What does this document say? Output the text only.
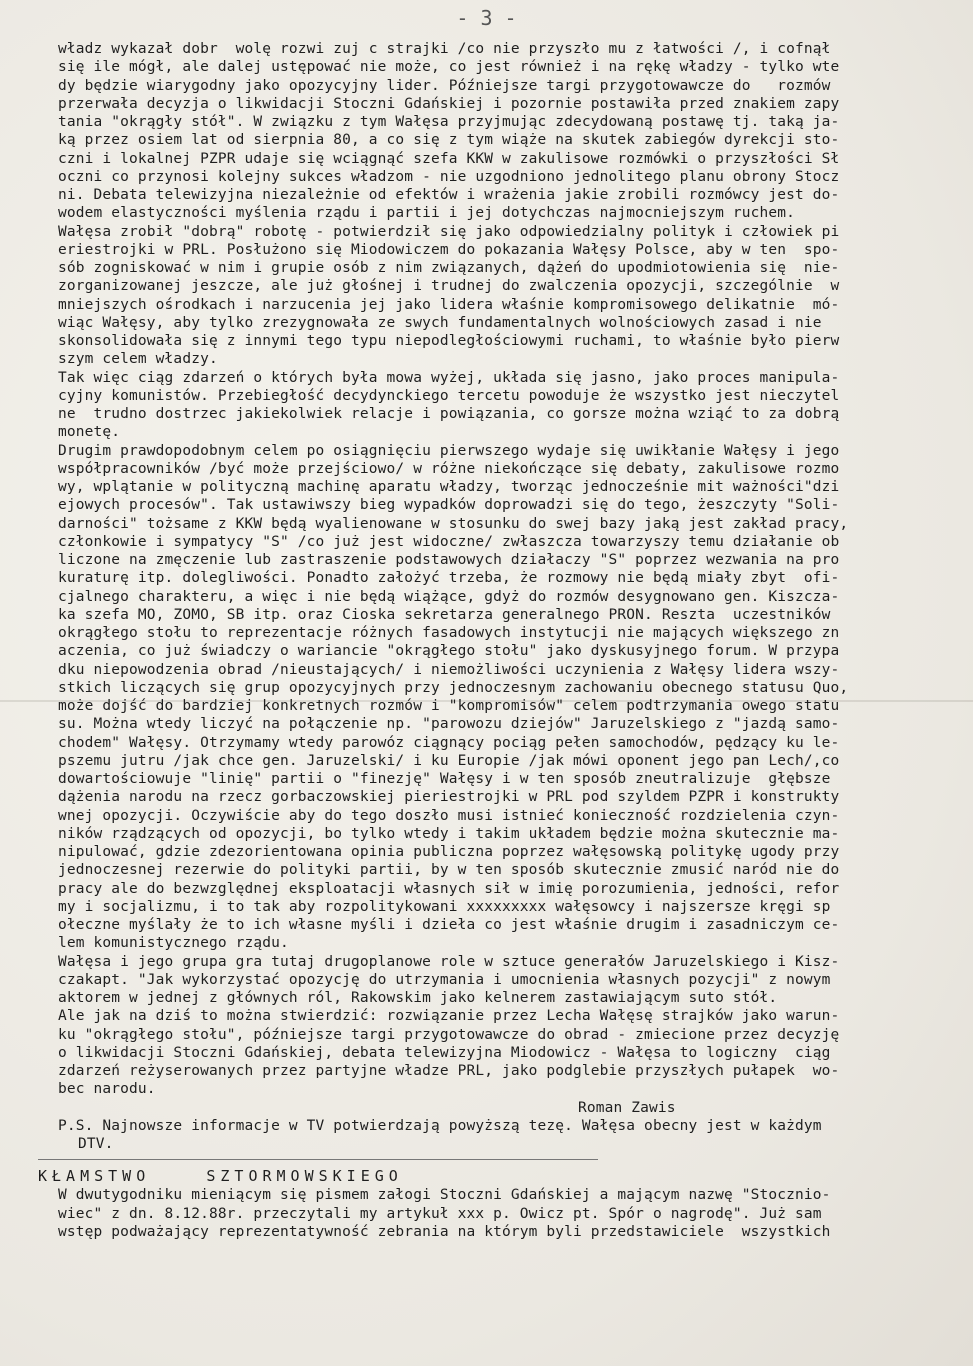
- 3 -
władz wykazał dobr  wolę rozwi zuj c strajki /co nie przyszło mu z łatwości /, i cofnął
się ile mógł, ale dalej ustępować nie może, co jest również i na rękę władzy - tylko wte
dy będzie wiarygodny jako opozycyjny lider. Późniejsze targi przygotowawcze do   rozmów
przerwała decyzja o likwidacji Stoczni Gdańskiej i pozornie postawiła przed znakiem zapy
tania "okrągły stół". W związku z tym Wałęsa przyjmując zdecydowaną postawę tj. taką ja-
ką przez osiem lat od sierpnia 80, a co się z tym wiąże na skutek zabiegów dyrekcji sto-
czni i lokalnej PZPR udaje się wciągnąć szefa KKW w zakulisowe rozmówki o przyszłości Sł
oczni co przynosi kolejny sukces władzom - nie uzgodniono jednolitego planu obrony Stocz
ni. Debata telewizyjna niezależnie od efektów i wrażenia jakie zrobili rozmówcy jest do-
wodem elastyczności myślenia rządu i partii i jej dotychczas najmocniejszym ruchem.
Wałęsa zrobił "dobrą" robotę - potwierdził się jako odpowiedzialny polityk i człowiek pi
eriestrojki w PRL. Posłużono się Miodowiczem do pokazania Wałęsy Polsce, aby w ten  spo-
sób zogniskować w nim i grupie osób z nim związanych, dążeń do upodmiotowienia się  nie-
zorganizowanej jeszcze, ale już głośnej i trudnej do zwalczenia opozycji, szczególnie  w
mniejszych ośrodkach i narzucenia jej jako lidera właśnie kompromisowego delikatnie  mó-
wiąc Wałęsy, aby tylko zrezygnowała ze swych fundamentalnych wolnościowych zasad i nie
skonsolidowała się z innymi tego typu niepodległościowymi ruchami, to właśnie było pierw
szym celem władzy.
Tak więc ciąg zdarzeń o których była mowa wyżej, układa się jasno, jako proces manipula-
cyjny komunistów. Przebiegłość decydynckiego tercetu powoduje że wszystko jest nieczytel
ne  trudno dostrzec jakiekolwiek relacje i powiązania, co gorsze można wziąć to za dobrą
monetę.
Drugim prawdopodobnym celem po osiągnięciu pierwszego wydaje się uwikłanie Wałęsy i jego
współpracowników /być może przejściowo/ w różne niekończące się debaty, zakulisowe rozmo
wy, wplątanie w polityczną machinę aparatu władzy, tworząc jednocześnie mit ważności"dzi
ejowych procesów". Tak ustawiwszy bieg wypadków doprowadzi się do tego, żeszczyty "Soli-
darności" tożsame z KKW będą wyalienowane w stosunku do swej bazy jaką jest zakład pracy,
członkowie i sympatycy "S" /co już jest widoczne/ zwłaszcza towarzyszy temu działanie ob
liczone na zmęczenie lub zastraszenie podstawowych działaczy "S" poprzez wezwania na pro
kuraturę itp. dolegliwości. Ponadto założyć trzeba, że rozmowy nie będą miały zbyt  ofi-
cjalnego charakteru, a więc i nie będą wiążące, gdyż do rozmów desygnowano gen. Kiszcza-
ka szefa MO, ZOMO, SB itp. oraz Cioska sekretarza generalnego PRON. Reszta  uczestników
okrągłego stołu to reprezentacje różnych fasadowych instytucji nie mających większego zn
aczenia, co już świadczy o wariancie "okrągłego stołu" jako dyskusyjnego forum. W przypa
dku niepowodzenia obrad /nieustających/ i niemożliwości uczynienia z Wałęsy lidera wszy-
stkich liczących się grup opozycyjnych przy jednoczesnym zachowaniu obecnego statusu Quo,
może dojść do bardziej konkretnych rozmów i "kompromisów" celem podtrzymania owego statu
su. Można wtedy liczyć na połączenie np. "parowozu dziejów" Jaruzelskiego z "jazdą samo-
chodem" Wałęsy. Otrzymamy wtedy parowóz ciągnący pociąg pełen samochodów, pędzący ku le-
pszemu jutru /jak chce gen. Jaruzelski/ i ku Europie /jak mówi oponent jego pan Lech/,co
dowartościowuje "linię" partii o "finezję" Wałęsy i w ten sposób zneutralizuje  głębsze
dążenia narodu na rzecz gorbaczowskiej pieriestrojki w PRL pod szyldem PZPR i konstrukty
wnej opozycji. Oczywiście aby do tego doszło musi istnieć konieczność rozdzielenia czyn-
ników rządzących od opozycji, bo tylko wtedy i takim układem będzie można skutecznie ma-
nipulować, gdzie zdezorientowana opinia publiczna poprzez wałęsowską politykę ugody przy
jednoczesnej rezerwie do polityki partii, by w ten sposób skutecznie zmusić naród nie do
pracy ale do bezwzględnej eksploatacji własnych sił w imię porozumienia, jedności, refor
my i socjalizmu, i to tak aby rozpolitykowani xxxxxxxxx wałęsowcy i najszersze kręgi sp
ołeczne myślały że to ich własne myśli i dzieła co jest właśnie drugim i zasadniczym ce-
lem komunistycznego rządu.
Wałęsa i jego grupa gra tutaj drugoplanowe role w sztuce generałów Jaruzelskiego i Kisz-
czakapt. "Jak wykorzystać opozycję do utrzymania i umocnienia własnych pozycji" z nowym
aktorem w jednej z głównych ról, Rakowskim jako kelnerem zastawiającym suto stół.
Ale jak na dziś to można stwierdzić: rozwiązanie przez Lecha Wałęsę strajków jako warun-
ku "okrągłego stołu", późniejsze targi przygotowawcze do obrad - zmiecione przez decyzję
o likwidacji Stoczni Gdańskiej, debata telewizyjna Miodowicz - Wałęsa to logiczny  ciąg
zdarzeń reżyserowanych przez partyjne władze PRL, jako podglebie przyszłych pułapek  wo-
bec narodu.
Roman Zawis
P.S. Najnowsze informacje w TV potwierdzają powyższą tezę. Wałęsa obecny jest w każdym
DTV.
KŁAMSTWO    SZTORMOWSKIEGO
W dwutygodniku mieniącym się pismem załogi Stoczni Gdańskiej a mającym nazwę "Stocznio-
wiec" z dn. 8.12.88r. przeczytali my artykuł xxx p. Owicz pt. Spór o nagrodę". Już sam
wstęp podważający reprezentatywność zebrania na którym byli przedstawiciele  wszystkich
